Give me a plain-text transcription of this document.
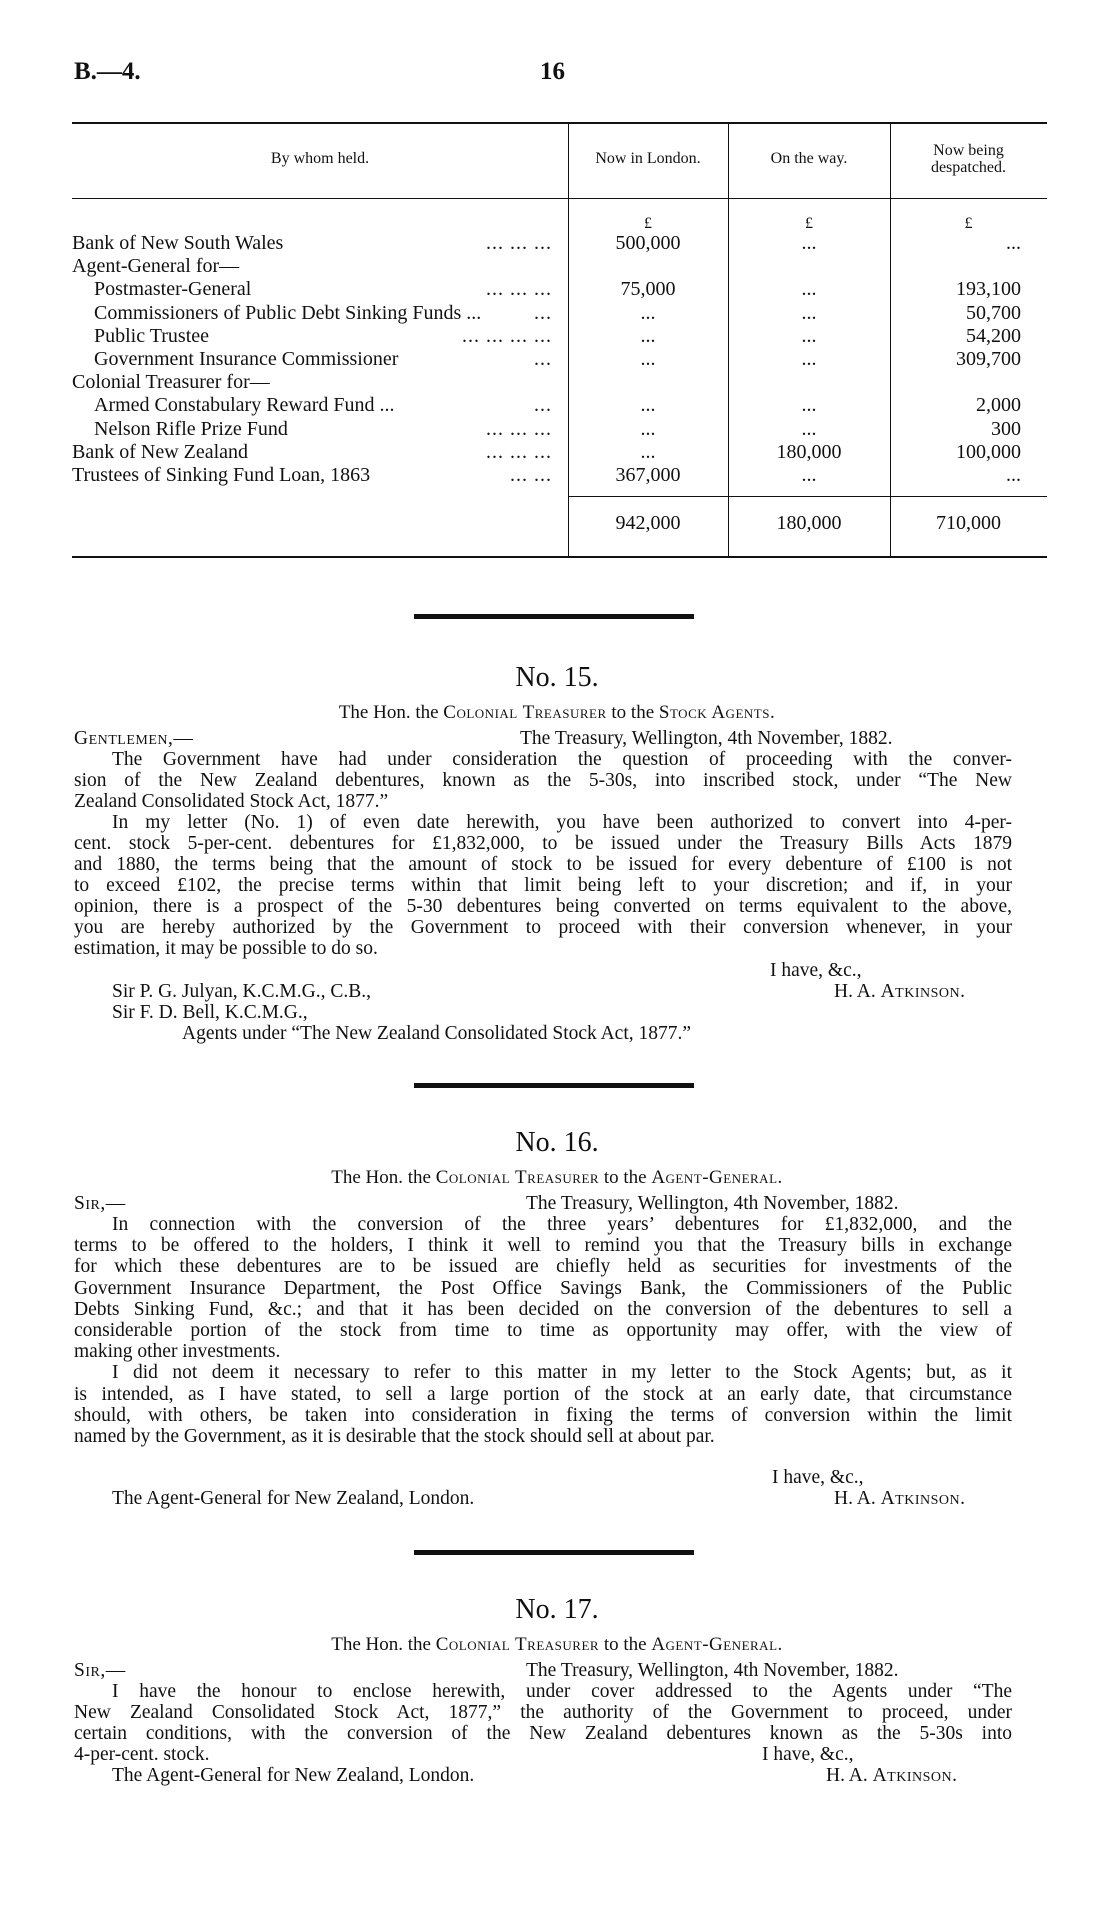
B.—4.	16
By whom held.	Now in London.	On the way.	Now being
despatched.
£	£	£
Bank of New South Wales	... ... ...	500,000	...	...
Agent-General for—
Postmaster-General	... ... ...	75,000	...	193,100
Commissioners of Public Debt Sinking Funds ...	...	...	...	50,700
Public Trustee	... ... ... ...	...	...	54,200
Government Insurance Commissioner	...	...	...	309,700
Colonial Treasurer for—
Armed Constabulary Reward Fund ...	...	...	...	2,000
Nelson Rifle Prize Fund	... ... ...	...	...	300
Bank of New Zealand	... ... ...	...	180,000	100,000
Trustees of Sinking Fund Loan, 1863	... ...	367,000	...	...
942,000	180,000	710,000
No. 15.
The Hon. the Colonial Treasurer to the Stock Agents.
Gentlemen,—	The Treasury, Wellington, 4th November, 1882.
The Government have had under consideration the question of proceeding with the conver-
sion of the New Zealand debentures, known as the 5-30s, into inscribed stock, under “The New
Zealand Consolidated Stock Act, 1877.”
In my letter (No. 1) of even date herewith, you have been authorized to convert into 4-per-
cent. stock 5-per-cent. debentures for £1,832,000, to be issued under the Treasury Bills Acts 1879
and 1880, the terms being that the amount of stock to be issued for every debenture of £100 is not
to exceed £102, the precise terms within that limit being left to your discretion; and if, in your
opinion, there is a prospect of the 5-30 debentures being converted on terms equivalent to the above,
you are hereby authorized by the Government to proceed with their conversion whenever, in your
estimation, it may be possible to do so.
I have, &c.,
Sir P. G. Julyan, K.C.M.G., C.B.,	H. A. Atkinson.
Sir F. D. Bell, K.C.M.G.,
Agents under “The New Zealand Consolidated Stock Act, 1877.”
No. 16.
The Hon. the Colonial Treasurer to the Agent-General.
Sir,—	The Treasury, Wellington, 4th November, 1882.
In connection with the conversion of the three years’ debentures for £1,832,000, and the
terms to be offered to the holders, I think it well to remind you that the Treasury bills in exchange
for which these debentures are to be issued are chiefly held as securities for investments of the
Government Insurance Department, the Post Office Savings Bank, the Commissioners of the Public
Debts Sinking Fund, &c.; and that it has been decided on the conversion of the debentures to sell a
considerable portion of the stock from time to time as opportunity may offer, with the view of
making other investments.
I did not deem it necessary to refer to this matter in my letter to the Stock Agents; but, as it
is intended, as I have stated, to sell a large portion of the stock at an early date, that circumstance
should, with others, be taken into consideration in fixing the terms of conversion within the limit
named by the Government, as it is desirable that the stock should sell at about par.
I have, &c.,
The Agent-General for New Zealand, London.	H. A. Atkinson.
No. 17.
The Hon. the Colonial Treasurer to the Agent-General.
Sir,—	The Treasury, Wellington, 4th November, 1882.
I have the honour to enclose herewith, under cover addressed to the Agents under “The
New Zealand Consolidated Stock Act, 1877,” the authority of the Government to proceed, under
certain conditions, with the conversion of the New Zealand debentures known as the 5-30s into
4-per-cent. stock.	I have, &c.,
The Agent-General for New Zealand, London.	H. A. Atkinson.
